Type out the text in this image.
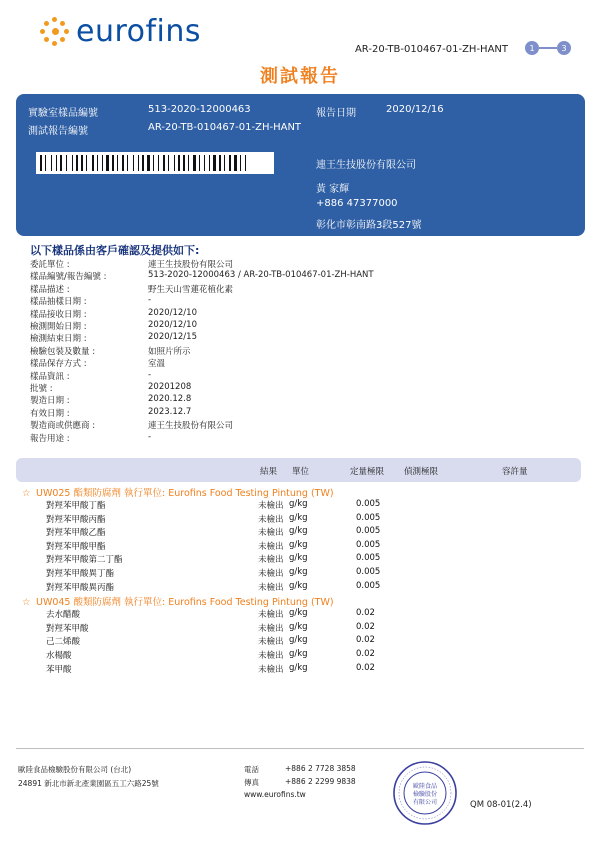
eurofins
AR-20-TB-010467-01-ZH-HANT	1	3
測試報告
實驗室樣品編號	513-2020-12000463	報告日期	2020/12/16
測試報告編號	AR-20-TB-010467-01-ZH-HANT
連王生技股份有限公司
黃 家輝
+886 47377000
彰化市彰南路3段527號
以下樣品係由客戶確認及提供如下:
委託單位 :	連王生技股份有限公司
樣品編號/報告編號 :	513-2020-12000463 / AR-20-TB-010467-01-ZH-HANT
樣品描述 :	野生天山雪蓮花植化素
樣品抽樣日期 :	-
樣品接收日期 :	2020/12/10
檢測開始日期 :	2020/12/10
檢測結束日期 :	2020/12/15
檢驗包裝及數量 :	如照片所示
樣品保存方式 :	室溫
樣品資訊 :	-
批號 :	20201208
製造日期 :	2020.12.8
有效日期 :	2023.12.7
製造商或供應商 :	連王生技股份有限公司
報告用途 :	-
結果 單位	定量極限 偵測極限	容許量
☆ UW025 酯類防腐劑 執行單位: Eurofins Food Testing Pintung (TW)
對羥苯甲酸丁酯	未檢出 g/kg	0.005
對羥苯甲酸丙酯	未檢出 g/kg	0.005
對羥苯甲酸乙酯	未檢出 g/kg	0.005
對羥苯甲酸甲酯	未檢出 g/kg	0.005
對羥苯甲酸第二丁酯	未檢出 g/kg	0.005
對羥苯甲酸異丁酯	未檢出 g/kg	0.005
對羥苯甲酸異丙酯	未檢出 g/kg	0.005
☆ UW045 酸類防腐劑 執行單位: Eurofins Food Testing Pintung (TW)
去水醋酸	未檢出 g/kg	0.02
對羥苯甲酸	未檢出 g/kg	0.02
己二烯酸	未檢出 g/kg	0.02
水楊酸	未檢出 g/kg	0.02
苯甲酸	未檢出 g/kg	0.02
歐陸食品檢驗股份有限公司 (台北)
24891 新北市新北產業園區五工六路25號
電話	+886 2 7728 3858
傳真	+886 2 2299 9838
www.eurofins.tw
歐陸食品
檢驗股份
有限公司	QM 08-01(2.4)
